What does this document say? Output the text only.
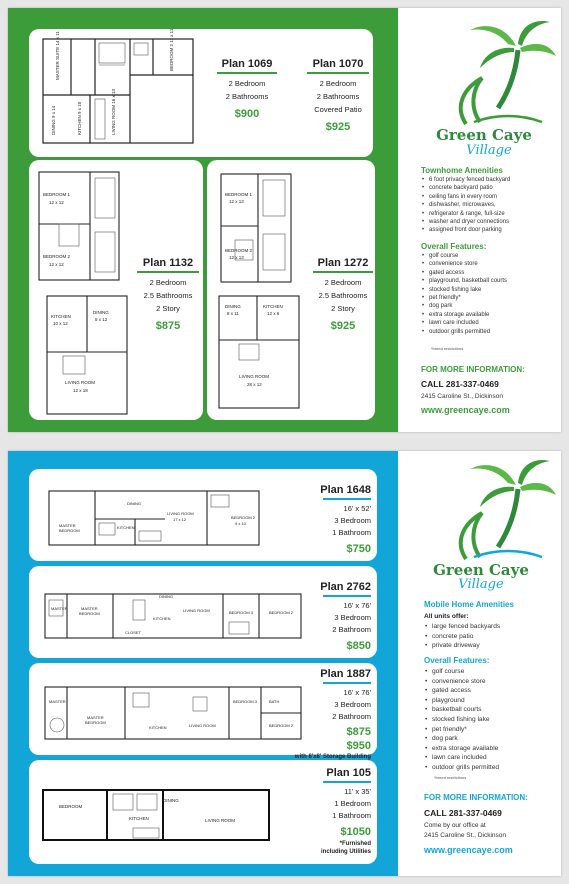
MASTER SUITE 14 x 11
DINING 9 x 14	KITCHEN 9 x 10	LIVING ROOM 16 x 13
BEDROOM 2 11 x 11	Plan 1069
2 Bedroom
2 Bathrooms
$900
Plan 1070
2 Bedroom
2 Bathrooms
Covered Patio
$925
BEDROOM 1
12 x 12
BEDROOM 2
12 x 12
KITCHEN
10 x 12
DINING
8 x 12
LIVING ROOM
12 x 18
Plan 1132
2 Bedroom
2.5 Bathrooms
2 Story
$875
BEDROOM 1
12 x 13
BEDROOM 2
12 x 13
DINING
8 x 11
KITCHEN
12 x 6
LIVING ROOM
28 x 12
Plan 1272
2 Bedroom
2.5 Bathrooms
2 Story
$925
Green Caye
Village
Townhome Amenities
• 6 foot privacy fenced backyard
• concrete backyard patio
• ceiling fans in every room
• dishwasher, microwaves,
• refrigerator & range, full-size
• washer and dryer connections
• assigned front door parking
Overall Features:
• golf course
• convenience store
• gated access
• playground, basketball courts
• stocked fishing lake
• pet friendly*
• dog park
• extra storage available
• lawn care included
• outdoor grills permitted
*breed restrictions
FOR MORE INFORMATION:
CALL 281-337-0469
2415 Caroline St., Dickinson
www.greencaye.com
DINING
LIVING ROOM
17 x 12
MASTER
BEDROOM
KITCHEN
BEDROOM 2
9 x 10
Plan 1648
16' x 52'
3 Bedroom
1 Bathroom
$750
MASTER	MASTER
BEDROOM
DINING
LIVING ROOM
KITCHEN
BEDROOM 3	BEDROOM 2
CLOSET
Plan 2762
16' x 76'
3 Bedroom
2 Bathroom
$850
MASTER
MASTER
BEDROOM
KITCHEN	LIVING ROOM
BEDROOM 3	BATH
BEDROOM 2
Plan 1887
16' x 76'
3 Bedroom
2 Bathroom
$875
$950
with 8'x8' Storage Building
BEDROOM
KITCHEN
DINING
LIVING ROOM
Plan 105
11' x 35'
1 Bedroom
1 Bathroom
$1050
*Furnished
including Utilities
Green Caye
Village
Mobile Home Amenities
All units offer:
• large fenced backyards
• concrete patio
• private driveway
Overall Features:
• golf course
• convenience store
• gated access
• playground
• basketball courts
• stocked fishing lake
• pet friendly*
• dog park
• extra storage available
• lawn care included
• outdoor grills permitted
*breed restrictions
FOR MORE INFORMATION:
CALL 281-337-0469
Come by our office at
2415 Caroline St., Dickinson
www.greencaye.com
